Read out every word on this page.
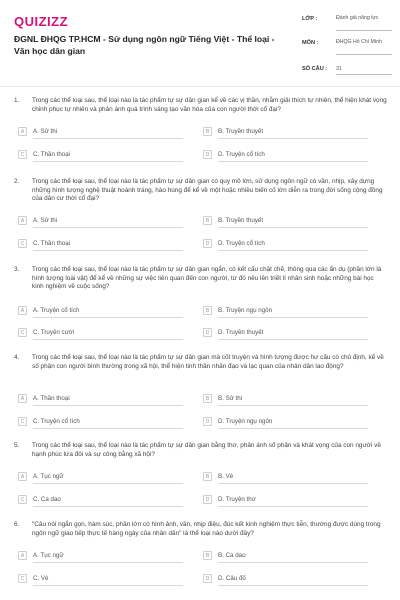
QUIZIZZ
ĐGNL ĐHQG TP.HCM - Sử dụng ngôn ngữ Tiếng Việt - Thể loại - Văn học dân gian
LỚP :	Đánh giá năng lực
MÔN :	ĐHQG Hồ Chí Minh
SỐ CÂU : 31
1. Trong các thể loại sau, thể loại nào là tác phẩm tự sự dân gian kể về các vị thần, nhằm giải thích tự nhiên, thể hiện khát vọng chinh phục tự nhiên và phản ánh quá trình sáng tạo văn hóa của con người thời cổ đại?
A	A. Sử thi	B	B. Truyền thuyết
C	C. Thần thoại	D	D. Truyện cổ tích
2. Trong các thể loại sau, thể loại nào là tác phẩm tự sự dân gian có quy mô lớn, sử dụng ngôn ngữ có vần, nhịp, xây dựng những hình tượng nghệ thuật hoành tráng, hào hùng để kể về một hoặc nhiều biến cố lớn diễn ra trong đời sống cộng đồng của dân cư thời cổ đại?
A	A. Sử thi	B	B. Truyền thuyết
C	C. Thần thoại	D	D. Truyện cổ tích
3. Trong các thể loại sau, thể loại nào là tác phẩm tự sự dân gian ngắn, có kết cấu chặt chẽ, thông qua các ẩn dụ (phần lớn là hình tượng loài vật) để kể về những sự việc liên quan đến con người, từ đó nêu lên triết lí nhân sinh hoặc những bài học kinh nghiệm về cuộc sống?
A	A. Truyện cổ tích	B	B. Truyện ngụ ngôn
C	C. Truyện cười	D	D. Truyền thuyết
4. Trong các thể loại sau, thể loại nào là tác phẩm tự sự dân gian mà cốt truyện và hình tượng được hư cấu có chủ định, kể về số phận con người bình thường trong xã hội, thể hiện tinh thần nhân đạo và lạc quan của nhân dân lao động?
A	A. Thần thoại	B	B. Sử thi
C	C. Truyện cổ tích	D	D. Truyện ngụ ngôn
5. Trong các thể loại sau, thể loại nào là tác phẩm tự sự dân gian bằng thơ, phản ánh số phận và khát vọng của con người về hạnh phúc lứa đôi và sự công bằng xã hội?
A	A. Tục ngữ	B	B. Vè
C	C. Ca dao	D	D. Truyện thơ
6. "Câu nói ngắn gọn, hàm súc, phần lớn có hình ảnh, vần, nhịp điệu, đúc kết kinh nghiệm thực tiễn, thường được dùng trong ngôn ngữ giao tiếp thực tế hàng ngày của nhân dân" là thể loại nào dưới đây?
A	A. Tục ngữ	B	B. Ca dao
C	C. Vè	D	D. Câu đố
